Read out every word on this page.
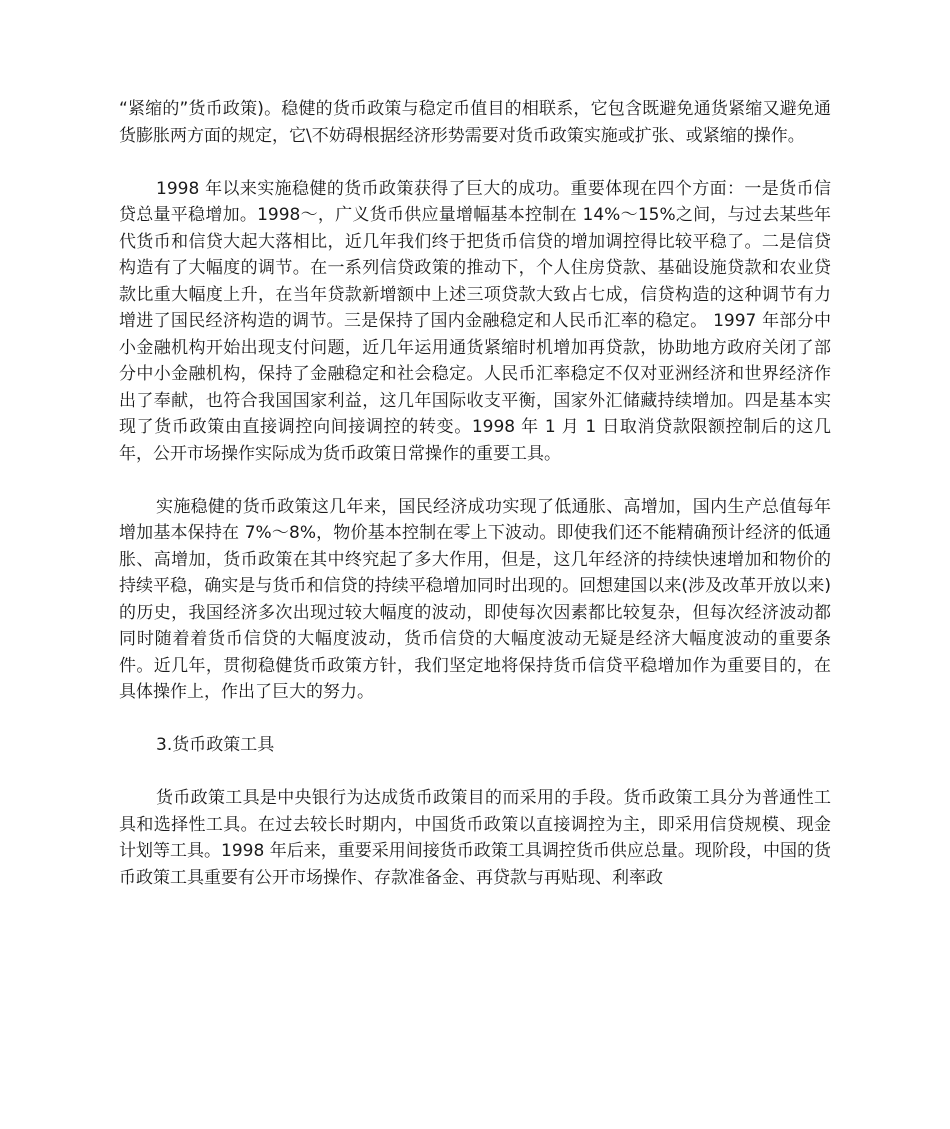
“紧缩的”货币政策)。稳健的货币政策与稳定币值目的相联系，它包含既避免通货紧缩又避免通货膨胀两方面的规定，它\不妨碍根据经济形势需要对货币政策实施或扩张、或紧缩的操作。

1998 年以来实施稳健的货币政策获得了巨大的成功。重要体现在四个方面：一是货币信贷总量平稳增加。1998～，广义货币供应量增幅基本控制在 14%～15%之间，与过去某些年代货币和信贷大起大落相比，近几年我们终于把货币信贷的增加调控得比较平稳了。二是信贷构造有了大幅度的调节。在一系列信贷政策的推动下，个人住房贷款、基础设施贷款和农业贷款比重大幅度上升，在当年贷款新增额中上述三项贷款大致占七成，信贷构造的这种调节有力增进了国民经济构造的调节。三是保持了国内金融稳定和人民币汇率的稳定。 1997 年部分中小金融机构开始出现支付问题，近几年运用通货紧缩时机增加再贷款，协助地方政府关闭了部分中小金融机构，保持了金融稳定和社会稳定。人民币汇率稳定不仅对亚洲经济和世界经济作出了奉献，也符合我国国家利益，这几年国际收支平衡，国家外汇储藏持续增加。四是基本实现了货币政策由直接调控向间接调控的转变。1998 年 1 月 1 日取消贷款限额控制后的这几年，公开市场操作实际成为货币政策日常操作的重要工具。

实施稳健的货币政策这几年来，国民经济成功实现了低通胀、高增加，国内生产总值每年增加基本保持在 7%～8%，物价基本控制在零上下波动。即使我们还不能精确预计经济的低通胀、高增加，货币政策在其中终究起了多大作用，但是，这几年经济的持续快速增加和物价的持续平稳，确实是与货币和信贷的持续平稳增加同时出现的。回想建国以来(涉及改革开放以来)的历史，我国经济多次出现过较大幅度的波动，即使每次因素都比较复杂，但每次经济波动都同时随着着货币信贷的大幅度波动，货币信贷的大幅度波动无疑是经济大幅度波动的重要条件。近几年，贯彻稳健货币政策方针，我们坚定地将保持货币信贷平稳增加作为重要目的，在具体操作上，作出了巨大的努力。

3.货币政策工具

货币政策工具是中央银行为达成货币政策目的而采用的手段。货币政策工具分为普通性工具和选择性工具。在过去较长时期内，中国货币政策以直接调控为主，即采用信贷规模、现金计划等工具。1998 年后来，重要采用间接货币政策工具调控货币供应总量。现阶段，中国的货币政策工具重要有公开市场操作、存款准备金、再贷款与再贴现、利率政
